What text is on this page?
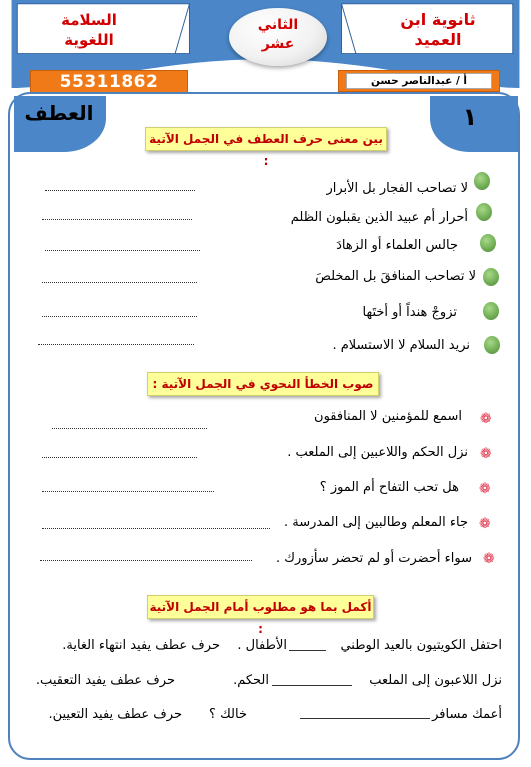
ثانوية ابن
العميد
السلامة
اللغوية
الثاني
عشر
55311862	أ / عبدالناصر حسن
العطف	١
بين معنى حرف العطف في الجمل الآتية :
لا تصاحب الفجار بل الأبرار
أحرار أم عبيد الذين يقبلون الظلم
جالس العلماء أو الزهادَ
لا تصاحب المنافقَ بل المخلصَ
تزوجْ هنداً أو أختَها
نريد السلام لا الاستسلام .
صوب الخطأ النحوي في الجمل الآتية :
❁
اسمع للمؤمنين لا المنافقون
❁
نزل الحكم واللاعبين إلى الملعب .
❁
هل تحب التفاح أم الموز ؟
❁
جاء المعلم وطالبين إلى المدرسة .
❁
سواء أحضرت أو لم تحضر سأزورك .
أكمل بما هو مطلوب أمام الجمل الآتية :
احتفل الكويتيون بالعيد الوطني
الأطفال .
حرف عطف يفيد انتهاء الغاية.
نزل اللاعبون إلى الملعب
الحكم.
حرف عطف يفيد التعقيب.
أعمك مسافر
خالك ؟
حرف عطف يفيد التعيين.
